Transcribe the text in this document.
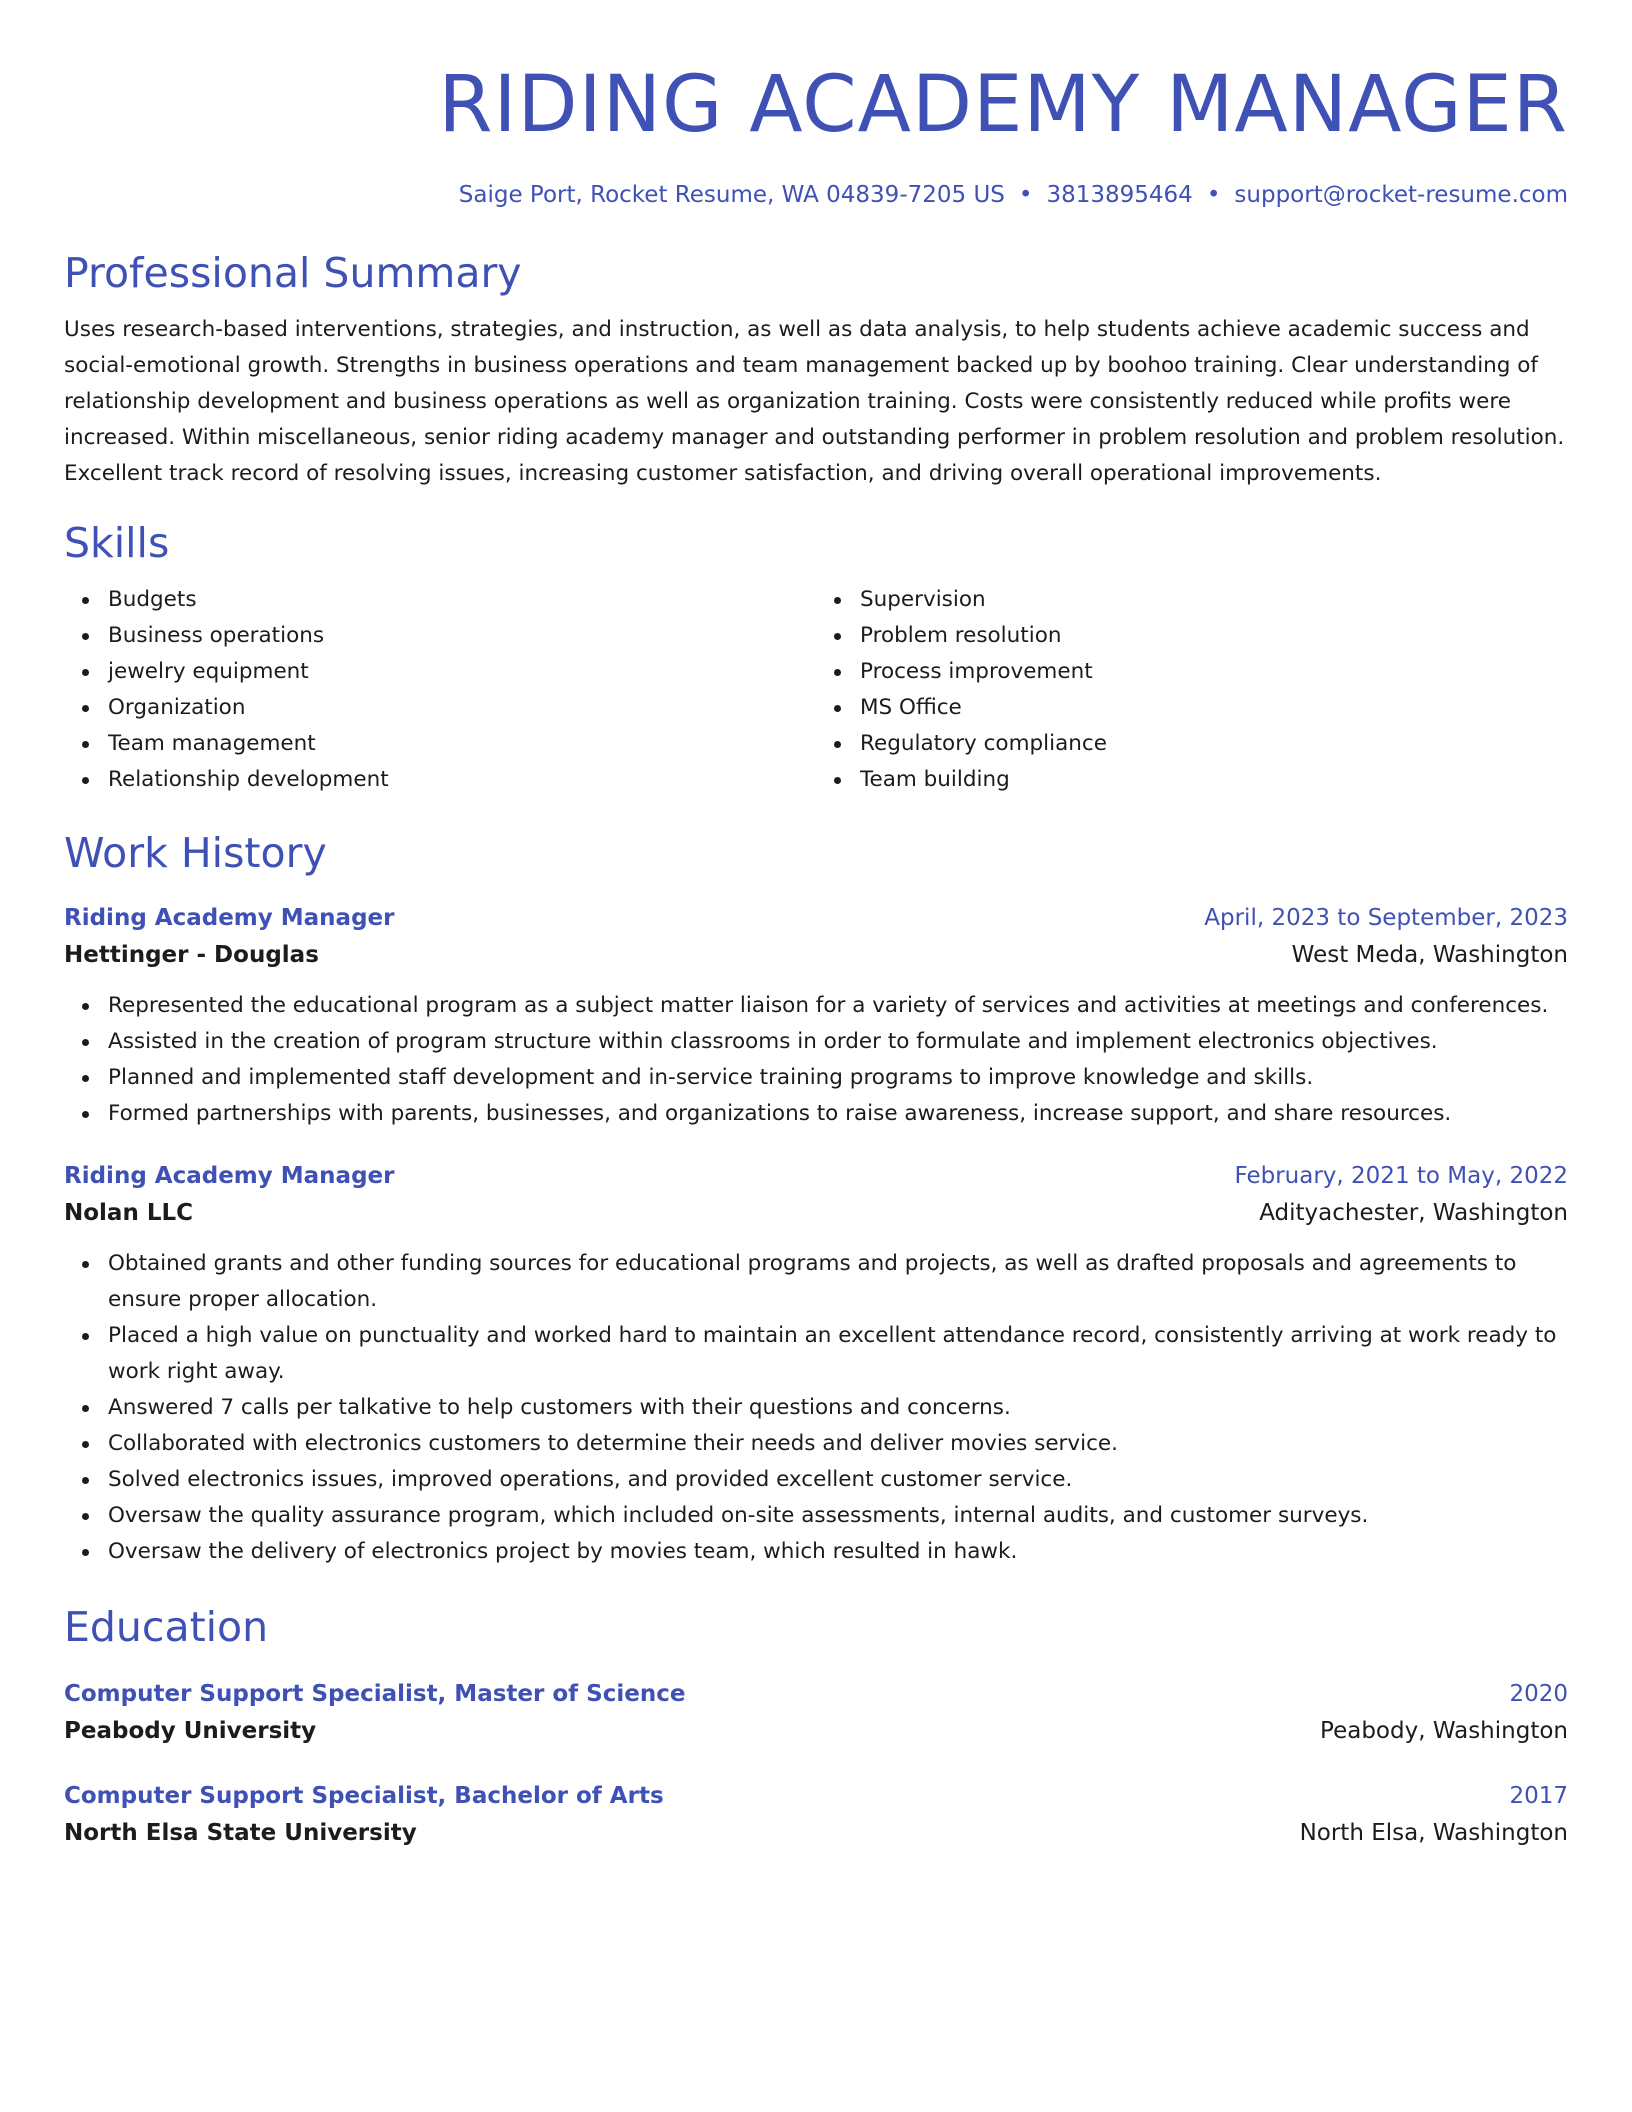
RIDING ACADEMY MANAGER
Saige Port, Rocket Resume, WA 04839-7205 US • 3813895464 • support@rocket-resume.com
Professional Summary
Uses research-based interventions, strategies, and instruction, as well as data analysis, to help students achieve academic success and social-emotional growth. Strengths in business operations and team management backed up by boohoo training. Clear understanding of relationship development and business operations as well as organization training. Costs were consistently reduced while profits were increased. Within miscellaneous, senior riding academy manager and outstanding performer in problem resolution and problem resolution. Excellent track record of resolving issues, increasing customer satisfaction, and driving overall operational improvements.
Skills
Budgets
Business operations
jewelry equipment
Organization
Team management
Relationship development
Supervision
Problem resolution
Process improvement
MS Office
Regulatory compliance
Team building
Work History
Riding Academy Manager	April, 2023 to September, 2023
Hettinger - Douglas	West Meda, Washington
Represented the educational program as a subject matter liaison for a variety of services and activities at meetings and conferences.
Assisted in the creation of program structure within classrooms in order to formulate and implement electronics objectives.
Planned and implemented staff development and in-service training programs to improve knowledge and skills.
Formed partnerships with parents, businesses, and organizations to raise awareness, increase support, and share resources.
Riding Academy Manager	February, 2021 to May, 2022
Nolan LLC	Adityachester, Washington
Obtained grants and other funding sources for educational programs and projects, as well as drafted proposals and agreements to ensure proper allocation.
Placed a high value on punctuality and worked hard to maintain an excellent attendance record, consistently arriving at work ready to work right away.
Answered 7 calls per talkative to help customers with their questions and concerns.
Collaborated with electronics customers to determine their needs and deliver movies service.
Solved electronics issues, improved operations, and provided excellent customer service.
Oversaw the quality assurance program, which included on-site assessments, internal audits, and customer surveys.
Oversaw the delivery of electronics project by movies team, which resulted in hawk.
Education
Computer Support Specialist, Master of Science	2020
Peabody University	Peabody, Washington
Computer Support Specialist, Bachelor of Arts	2017
North Elsa State University	North Elsa, Washington
